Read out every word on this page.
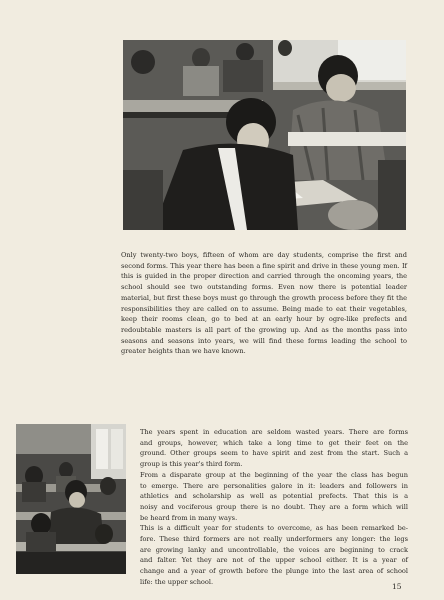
Only twenty-two boys, fifteen of whom are day students, comprise the first and second forms. This year there has been a fine spirit and drive in these young men. If this is guided in the proper direction and carried through the oncoming years, the school should see two outstanding forms. Even now there is potential leader material, but first these boys must go through the growth process before they fit the responsibilities they are called on to assume. Being made to eat their vegetables, keep their rooms clean, go to bed at an early hour by ogre-like prefects and redoubtable masters is all part of the growing up. And as the months pass into seasons and seasons into years, we will find these forms leading the school to greater heights than we have known.

The years spent in education are seldom wasted years. There are forms
and groups, however, which take a long time to get their feet on the
ground. Other groups seem to have spirit and zest from the start. Such a
group is this year's third form.
From a disparate group at the beginning of the year the class has begun
to emerge. There are personalities galore in it: leaders and followers in
athletics and scholarship as well as potential prefects. That this is a
noisy and vociferous group there is no doubt. They are a form which will
be heard from in many ways.
This is a difficult year for students to overcome, as has been remarked be-
fore. These third formers are not really underformers any longer: the legs
are growing lanky and uncontrollable, the voices are beginning to crack
and falter. Yet they are not of the upper school either. It is a year of
change and a year of growth before the plunge into the last area of school
life: the upper school.
15
